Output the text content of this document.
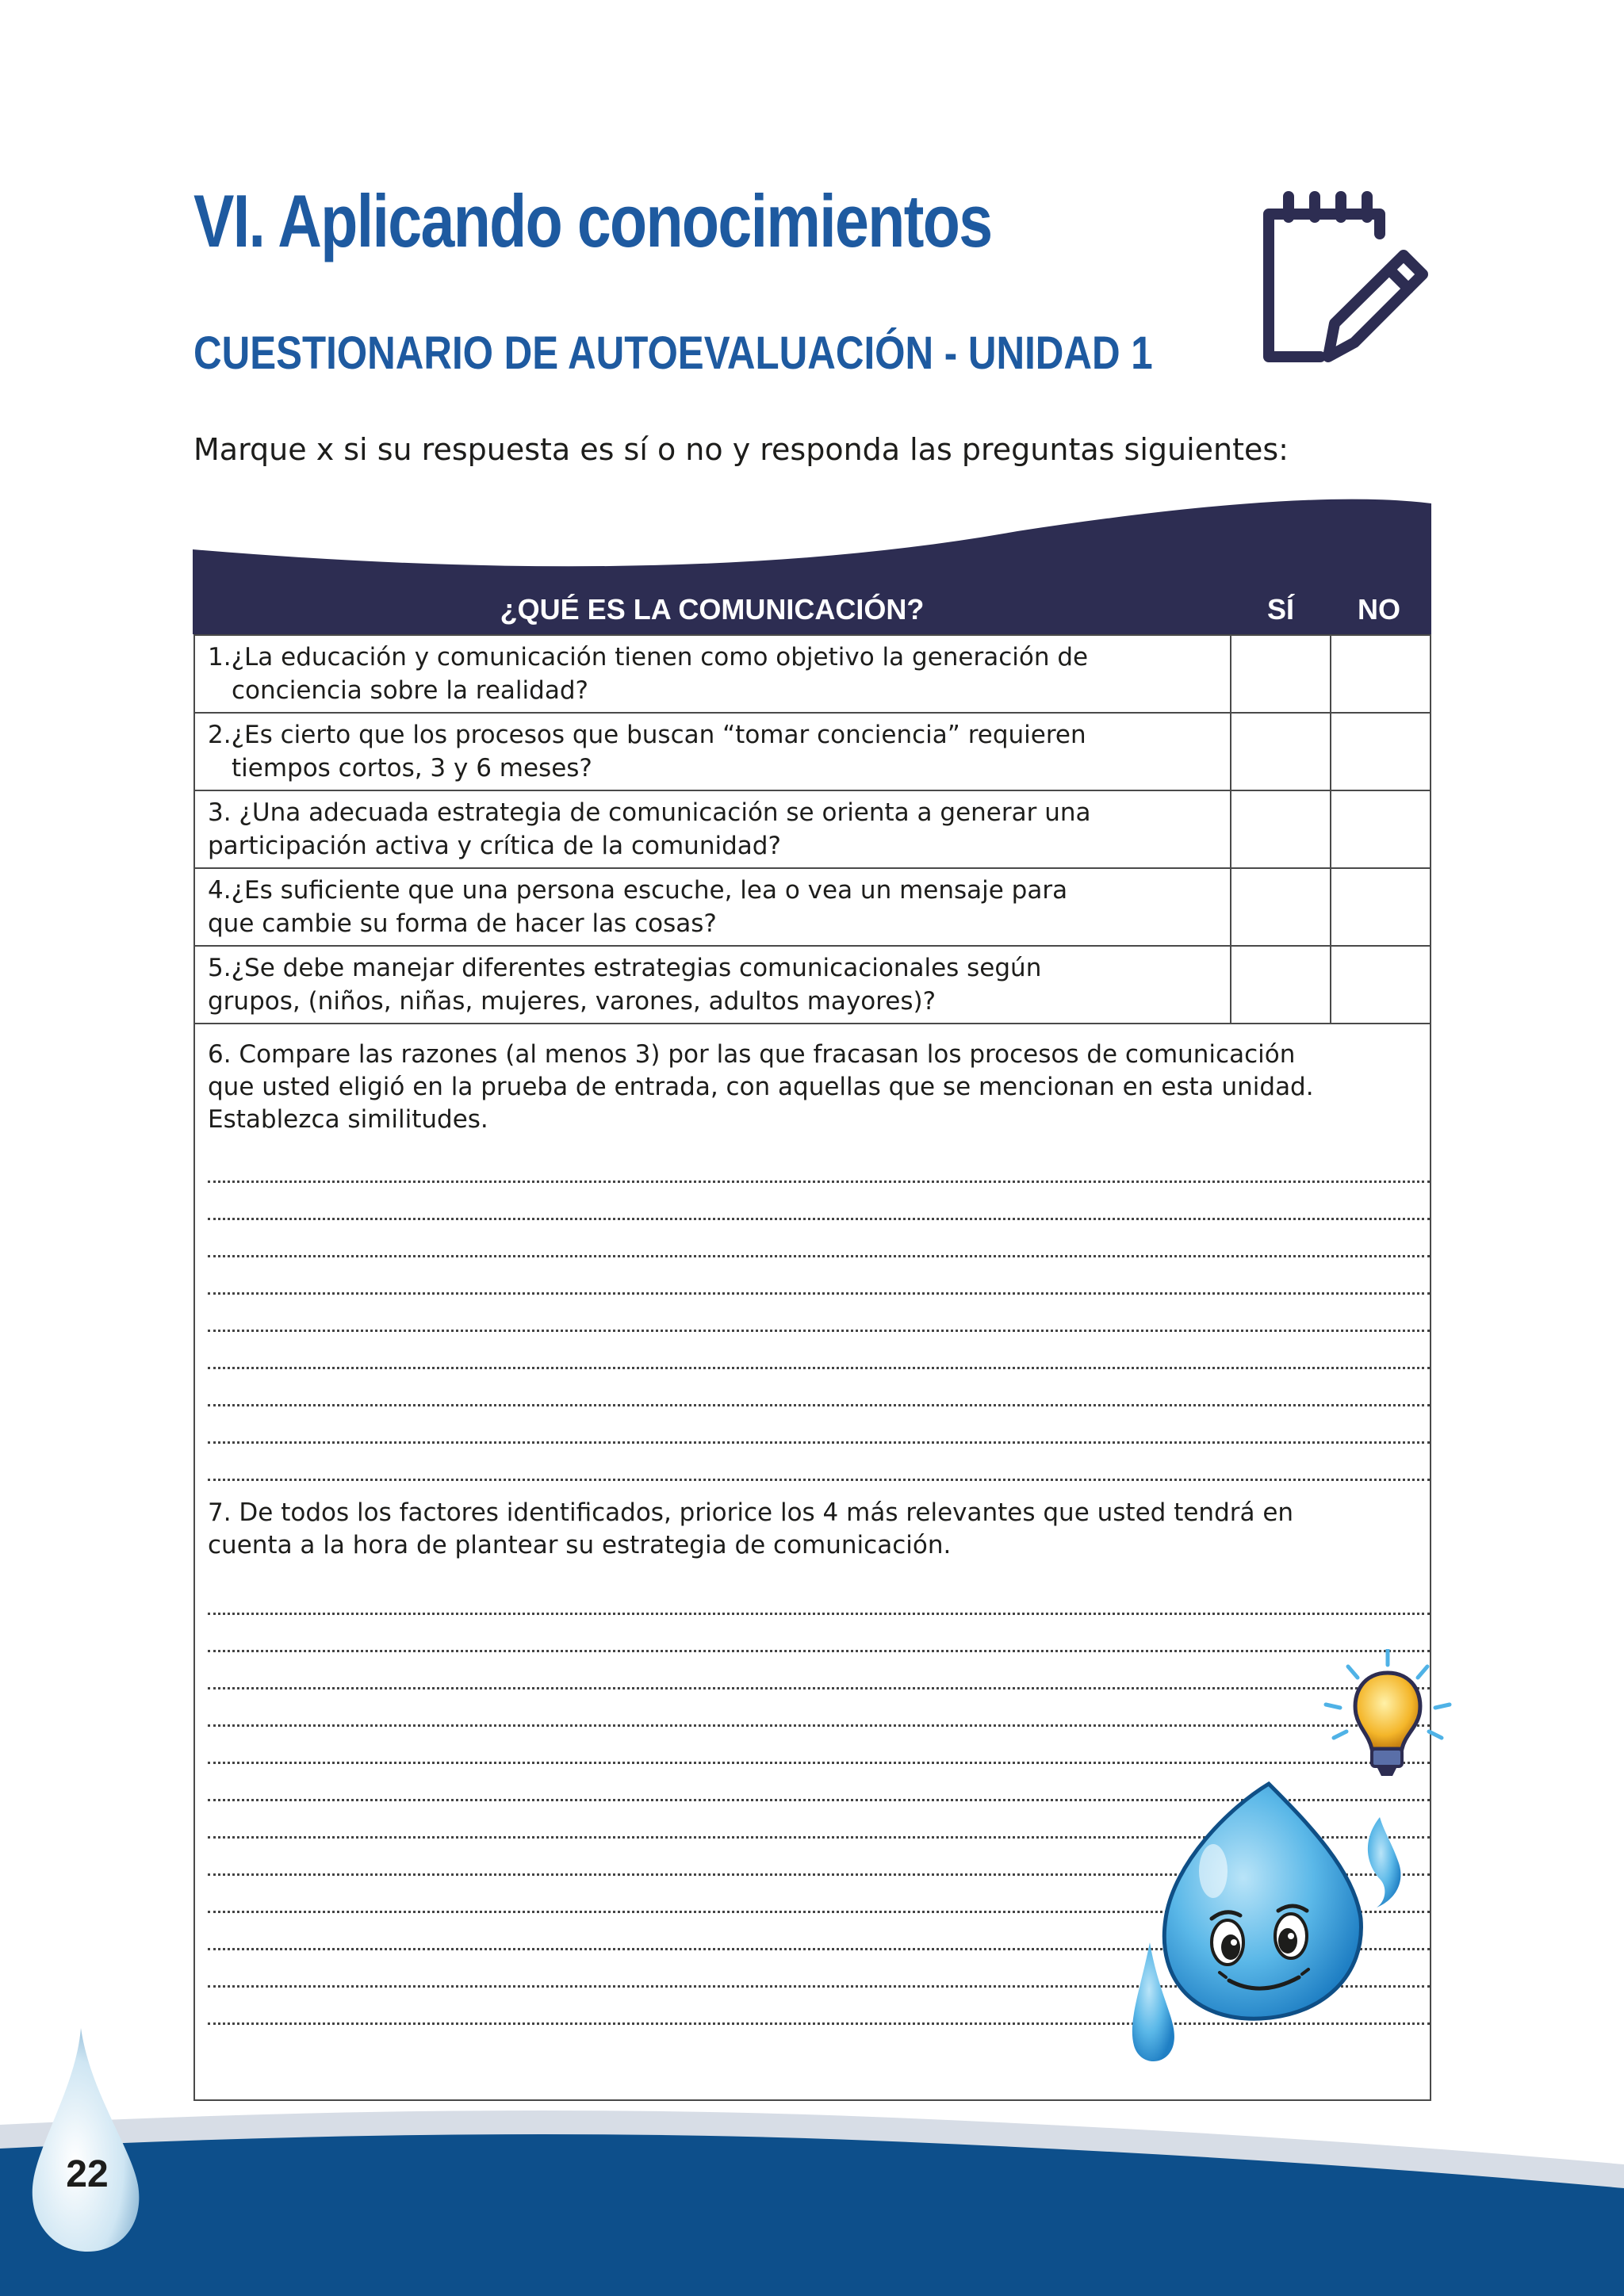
VI. Aplicando conocimientos
CUESTIONARIO DE AUTOEVALUACIÓN - UNIDAD 1

Marque x si su respuesta es sí o no y responda las preguntas siguientes:

¿QUÉ ES LA COMUNICACIÓN?	SÍ	NO
1.¿La educación y comunicación tienen como objetivo la generación de
conciencia sobre la realidad?
2.¿Es cierto que los procesos que buscan “tomar conciencia” requieren
tiempos cortos, 3 y 6 meses?
3. ¿Una adecuada estrategia de comunicación se orienta a generar una
participación activa y crítica de la comunidad?
4.¿Es suficiente que una persona escuche, lea o vea un mensaje para
que cambie su forma de hacer las cosas?
5.¿Se debe manejar diferentes estrategias comunicacionales según
grupos, (niños, niñas, mujeres, varones, adultos mayores)?
6. Compare las razones (al menos 3) por las que fracasan los procesos de comunicación
que usted eligió en la prueba de entrada, con aquellas que se mencionan en esta unidad.
Establezca similitudes.
7. De todos los factores identificados, priorice los 4 más relevantes que usted tendrá en
cuenta a la hora de plantear su estrategia de comunicación.
22
